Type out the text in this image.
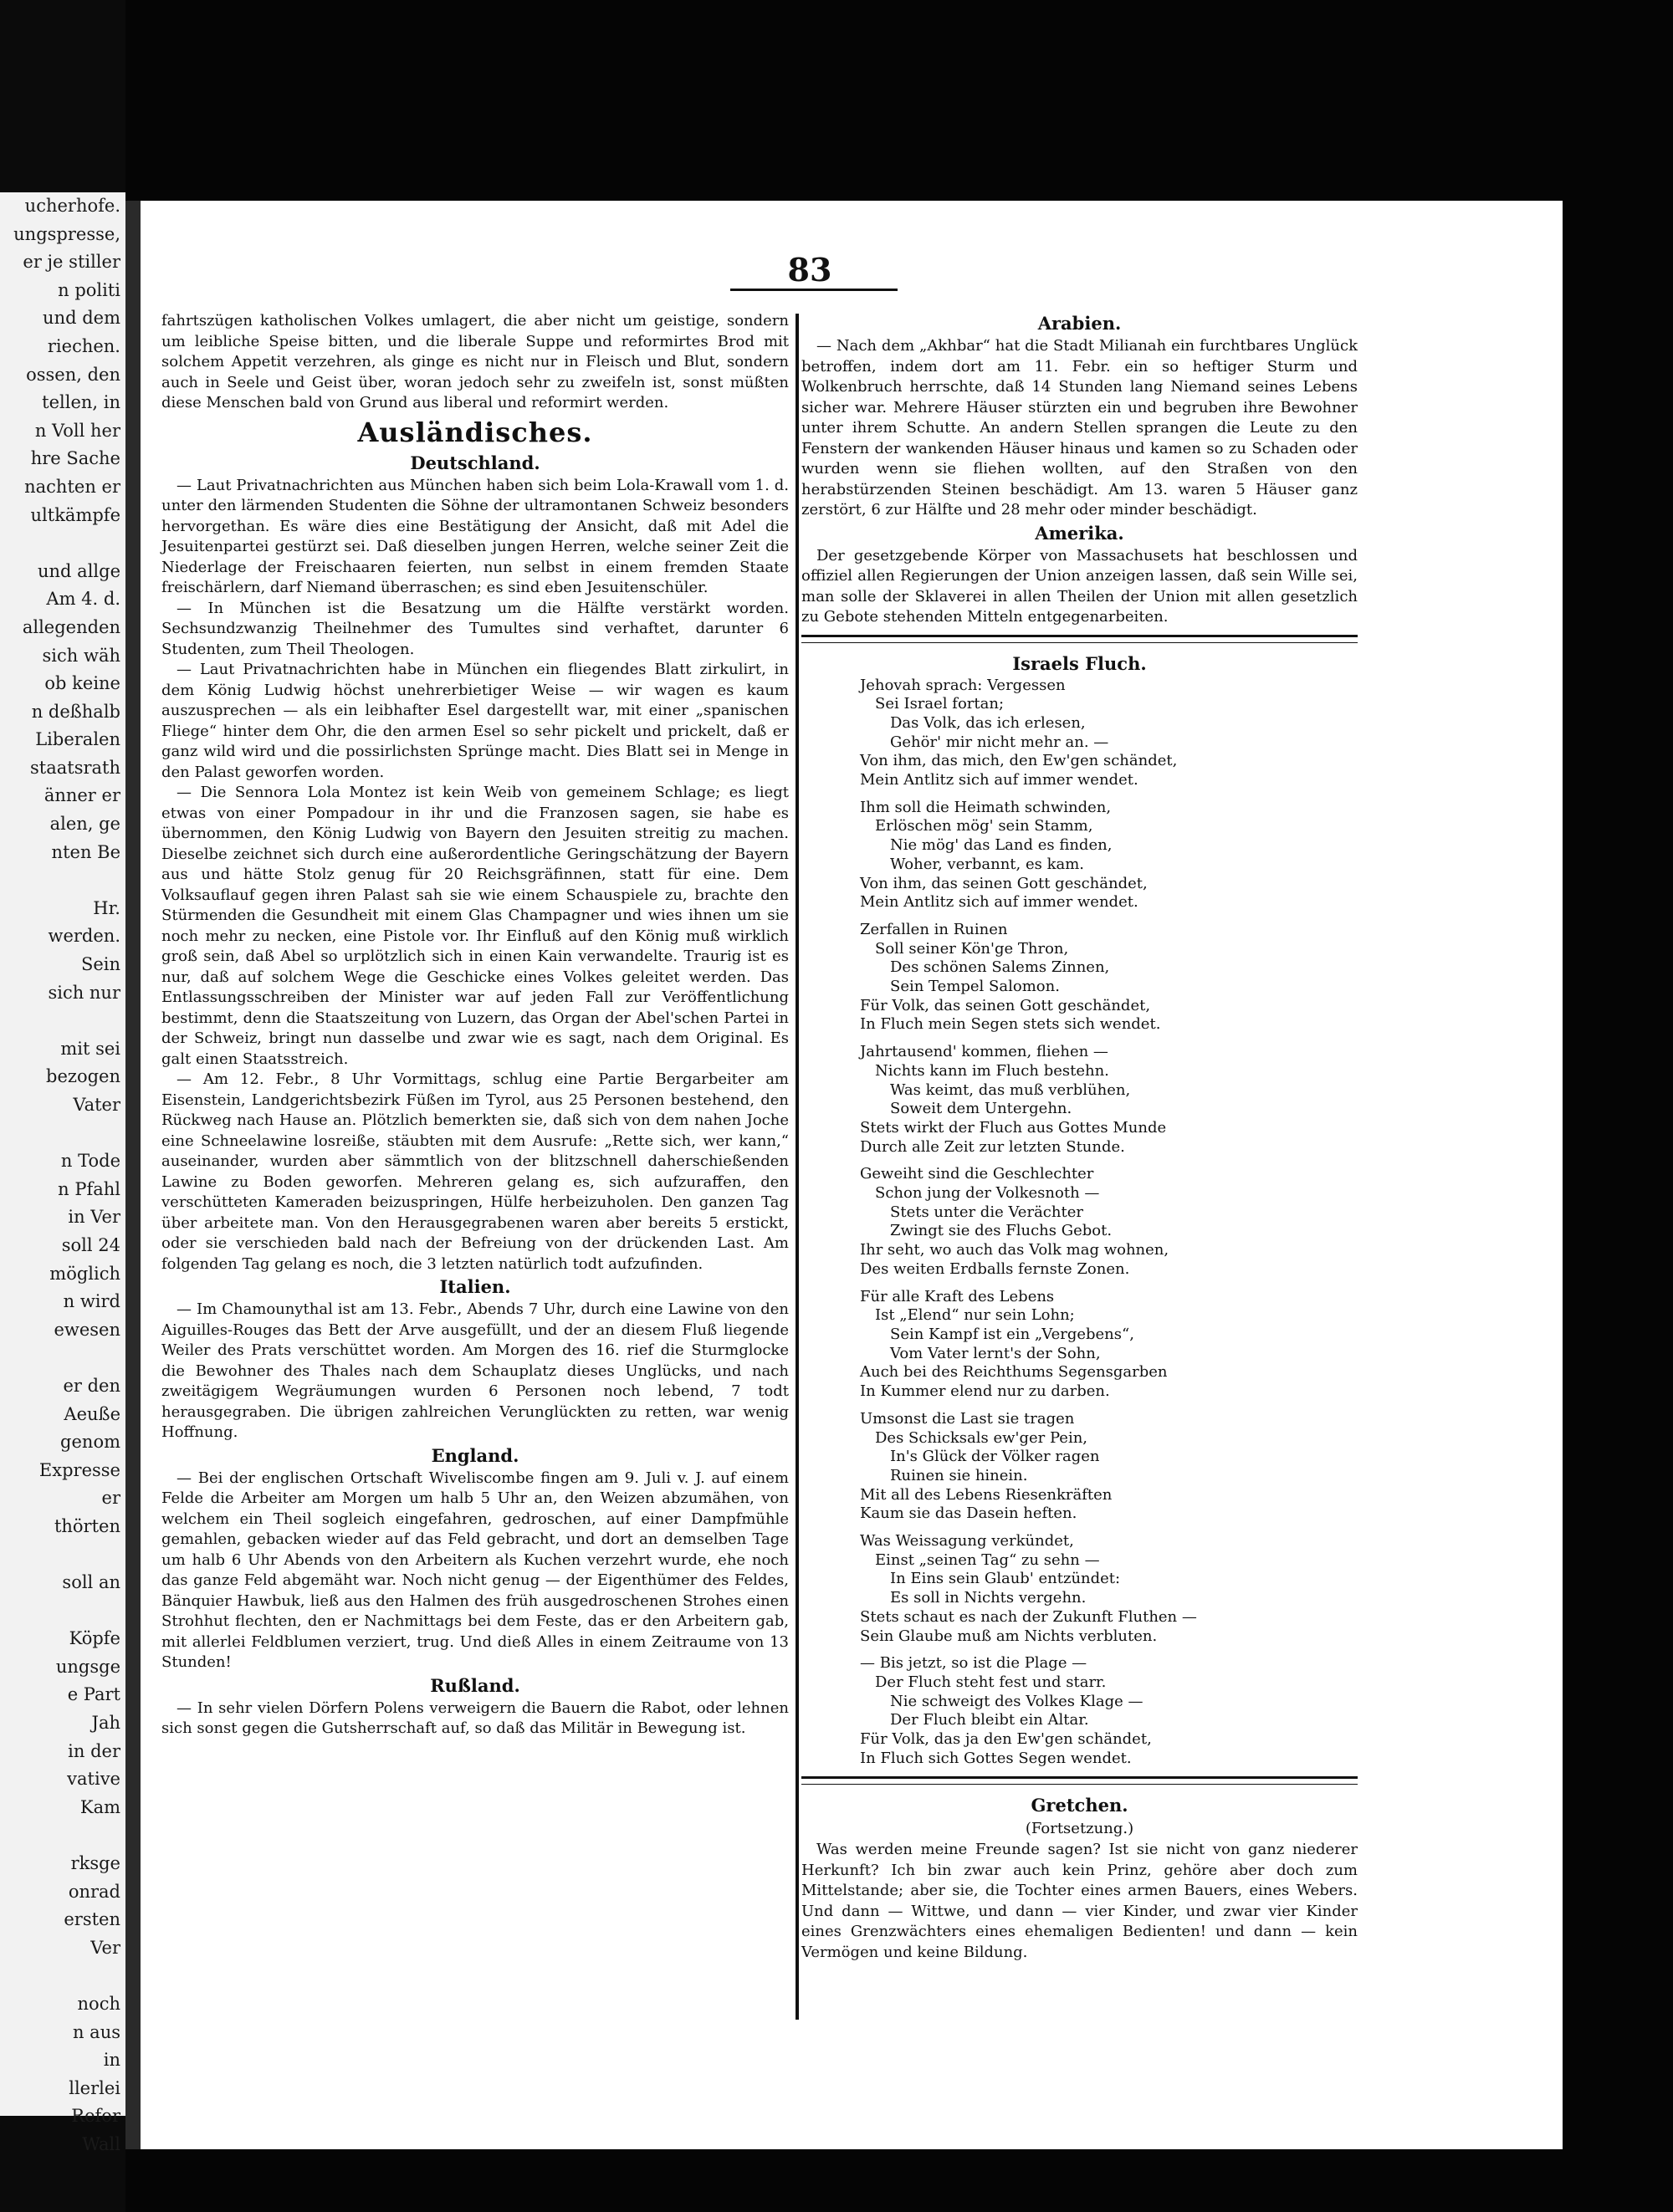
ucherhofe.
ungspresse,
er je stiller
n politi
und dem
riechen.
ossen, den
tellen, in
n Voll her
hre Sache
nachten er
ultkämpfe

und allge
Am 4. d.
allegenden
sich wäh
ob keine
n deßhalb
Liberalen
staatsrath
änner er
alen, ge
nten Be

Hr.
werden.
Sein
sich nur

mit sei
bezogen
Vater

n Tode
n Pfahl
in Ver
soll 24
möglich
n wird
ewesen

er den
Aeuße
genom
Expresse
er
thörten

soll an

Köpfe
ungsge
e Part
Jah
in der
vative
Kam

rksge
onrad
ersten
Ver

noch
n aus
in
llerlei
Refor
Wall
83

fahrtszügen katholischen Volkes umlagert, die aber nicht um geistige, sondern um leibliche Speise bitten, und die liberale Suppe und reformirtes Brod mit solchem Appetit verzehren, als ginge es nicht nur in Fleisch und Blut, sondern auch in Seele und Geist über, woran jedoch sehr zu zweifeln ist, sonst müßten diese Menschen bald von Grund aus liberal und reformirt werden.

Ausländisches.
Deutschland.

— Laut Privatnachrichten aus München haben sich beim Lola-Krawall vom 1. d. unter den lärmenden Studenten die Söhne der ultramontanen Schweiz besonders hervorgethan. Es wäre dies eine Bestätigung der Ansicht, daß mit Adel die Jesuitenpartei gestürzt sei. Daß dieselben jungen Herren, welche seiner Zeit die Niederlage der Freischaaren feierten, nun selbst in einem fremden Staate freischärlern, darf Niemand überraschen; es sind eben Jesuitenschüler.

— In München ist die Besatzung um die Hälfte verstärkt worden. Sechsundzwanzig Theilnehmer des Tumultes sind verhaftet, darunter 6 Studenten, zum Theil Theologen.

— Laut Privatnachrichten habe in München ein fliegendes Blatt zirkulirt, in dem König Ludwig höchst unehrerbietiger Weise — wir wagen es kaum auszusprechen — als ein leibhafter Esel dargestellt war, mit einer „spanischen Fliege“ hinter dem Ohr, die den armen Esel so sehr pickelt und prickelt, daß er ganz wild wird und die possirlichsten Sprünge macht. Dies Blatt sei in Menge in den Palast geworfen worden.

— Die Sennora Lola Montez ist kein Weib von gemeinem Schlage; es liegt etwas von einer Pompadour in ihr und die Franzosen sagen, sie habe es übernommen, den König Ludwig von Bayern den Jesuiten streitig zu machen. Dieselbe zeichnet sich durch eine außerordentliche Geringschätzung der Bayern aus und hätte Stolz genug für 20 Reichsgräfinnen, statt für eine. Dem Volksauflauf gegen ihren Palast sah sie wie einem Schauspiele zu, brachte den Stürmenden die Gesundheit mit einem Glas Champagner und wies ihnen um sie noch mehr zu necken, eine Pistole vor. Ihr Einfluß auf den König muß wirklich groß sein, daß Abel so urplötzlich sich in einen Kain verwandelte. Traurig ist es nur, daß auf solchem Wege die Geschicke eines Volkes geleitet werden. Das Entlassungsschreiben der Minister war auf jeden Fall zur Veröffentlichung bestimmt, denn die Staatszeitung von Luzern, das Organ der Abel'schen Partei in der Schweiz, bringt nun dasselbe und zwar wie es sagt, nach dem Original. Es galt einen Staatsstreich.

— Am 12. Febr., 8 Uhr Vormittags, schlug eine Partie Bergarbeiter am Eisenstein, Landgerichtsbezirk Füßen im Tyrol, aus 25 Personen bestehend, den Rückweg nach Hause an. Plötzlich bemerkten sie, daß sich von dem nahen Joche eine Schneelawine losreiße, stäubten mit dem Ausrufe: „Rette sich, wer kann,“ auseinander, wurden aber sämmtlich von der blitzschnell daherschießenden Lawine zu Boden geworfen. Mehreren gelang es, sich aufzuraffen, den verschütteten Kameraden beizuspringen, Hülfe herbeizuholen. Den ganzen Tag über arbeitete man. Von den Herausgegrabenen waren aber bereits 5 erstickt, oder sie verschieden bald nach der Befreiung von der drückenden Last. Am folgenden Tag gelang es noch, die 3 letzten natürlich todt aufzufinden.

Italien.

— Im Chamounythal ist am 13. Febr., Abends 7 Uhr, durch eine Lawine von den Aiguilles-Rouges das Bett der Arve ausgefüllt, und der an diesem Fluß liegende Weiler des Prats verschüttet worden. Am Morgen des 16. rief die Sturmglocke die Bewohner des Thales nach dem Schauplatz dieses Unglücks, und nach zweitägigem Wegräumungen wurden 6 Personen noch lebend, 7 todt herausgegraben. Die übrigen zahlreichen Verunglückten zu retten, war wenig Hoffnung.

England.

— Bei der englischen Ortschaft Wiveliscombe fingen am 9. Juli v. J. auf einem Felde die Arbeiter am Morgen um halb 5 Uhr an, den Weizen abzumähen, von welchem ein Theil sogleich eingefahren, gedroschen, auf einer Dampfmühle gemahlen, gebacken wieder auf das Feld gebracht, und dort an demselben Tage um halb 6 Uhr Abends von den Arbeitern als Kuchen verzehrt wurde, ehe noch das ganze Feld abgemäht war. Noch nicht genug — der Eigenthümer des Feldes, Bänquier Hawbuk, ließ aus den Halmen des früh ausgedroschenen Strohes einen Strohhut flechten, den er Nachmittags bei dem Feste, das er den Arbeitern gab, mit allerlei Feldblumen verziert, trug. Und dieß Alles in einem Zeitraume von 13 Stunden!

Rußland.

— In sehr vielen Dörfern Polens verweigern die Bauern die Rabot, oder lehnen sich sonst gegen die Gutsherrschaft auf, so daß das Militär in Bewegung ist.

Arabien.

— Nach dem „Akhbar“ hat die Stadt Milianah ein furchtbares Unglück betroffen, indem dort am 11. Febr. ein so heftiger Sturm und Wolkenbruch herrschte, daß 14 Stunden lang Niemand seines Lebens sicher war. Mehrere Häuser stürzten ein und begruben ihre Bewohner unter ihrem Schutte. An andern Stellen sprangen die Leute zu den Fenstern der wankenden Häuser hinaus und kamen so zu Schaden oder wurden wenn sie fliehen wollten, auf den Straßen von den herabstürzenden Steinen beschädigt. Am 13. waren 5 Häuser ganz zerstört, 6 zur Hälfte und 28 mehr oder minder beschädigt.

Amerika.

Der gesetzgebende Körper von Massachusets hat beschlossen und offiziel allen Regierungen der Union anzeigen lassen, daß sein Wille sei, man solle der Sklaverei in allen Theilen der Union mit allen gesetzlich zu Gebote stehenden Mitteln entgegenarbeiten.

Israels Fluch.
Jehovah sprach: Vergessen
Sei Israel fortan;
Das Volk, das ich erlesen,
Gehör' mir nicht mehr an. —
Von ihm, das mich, den Ew'gen schändet,
Mein Antlitz sich auf immer wendet.
Ihm soll die Heimath schwinden,
Erlöschen mög' sein Stamm,
Nie mög' das Land es finden,
Woher, verbannt, es kam.
Von ihm, das seinen Gott geschändet,
Mein Antlitz sich auf immer wendet.
Zerfallen in Ruinen
Soll seiner Kön'ge Thron,
Des schönen Salems Zinnen,
Sein Tempel Salomon.
Für Volk, das seinen Gott geschändet,
In Fluch mein Segen stets sich wendet.
Jahrtausend' kommen, fliehen —
Nichts kann im Fluch bestehn.
Was keimt, das muß verblühen,
Soweit dem Untergehn.
Stets wirkt der Fluch aus Gottes Munde
Durch alle Zeit zur letzten Stunde.
Geweiht sind die Geschlechter
Schon jung der Volkesnoth —
Stets unter die Verächter
Zwingt sie des Fluchs Gebot.
Ihr seht, wo auch das Volk mag wohnen,
Des weiten Erdballs fernste Zonen.
Für alle Kraft des Lebens
Ist „Elend“ nur sein Lohn;
Sein Kampf ist ein „Vergebens“,
Vom Vater lernt's der Sohn,
Auch bei des Reichthums Segensgarben
In Kummer elend nur zu darben.
Umsonst die Last sie tragen
Des Schicksals ew'ger Pein,
In's Glück der Völker ragen
Ruinen sie hinein.
Mit all des Lebens Riesenkräften
Kaum sie das Dasein heften.
Was Weissagung verkündet,
Einst „seinen Tag“ zu sehn —
In Eins sein Glaub' entzündet:
Es soll in Nichts vergehn.
Stets schaut es nach der Zukunft Fluthen —
Sein Glaube muß am Nichts verbluten.
— Bis jetzt, so ist die Plage —
Der Fluch steht fest und starr.
Nie schweigt des Volkes Klage —
Der Fluch bleibt ein Altar.
Für Volk, das ja den Ew'gen schändet,
In Fluch sich Gottes Segen wendet.
Gretchen.
(Fortsetzung.)

Was werden meine Freunde sagen? Ist sie nicht von ganz niederer Herkunft? Ich bin zwar auch kein Prinz, gehöre aber doch zum Mittelstande; aber sie, die Tochter eines armen Bauers, eines Webers. Und dann — Wittwe, und dann — vier Kinder, und zwar vier Kinder eines Grenzwächters eines ehemaligen Bedienten! und dann — kein Vermögen und keine Bildung.
